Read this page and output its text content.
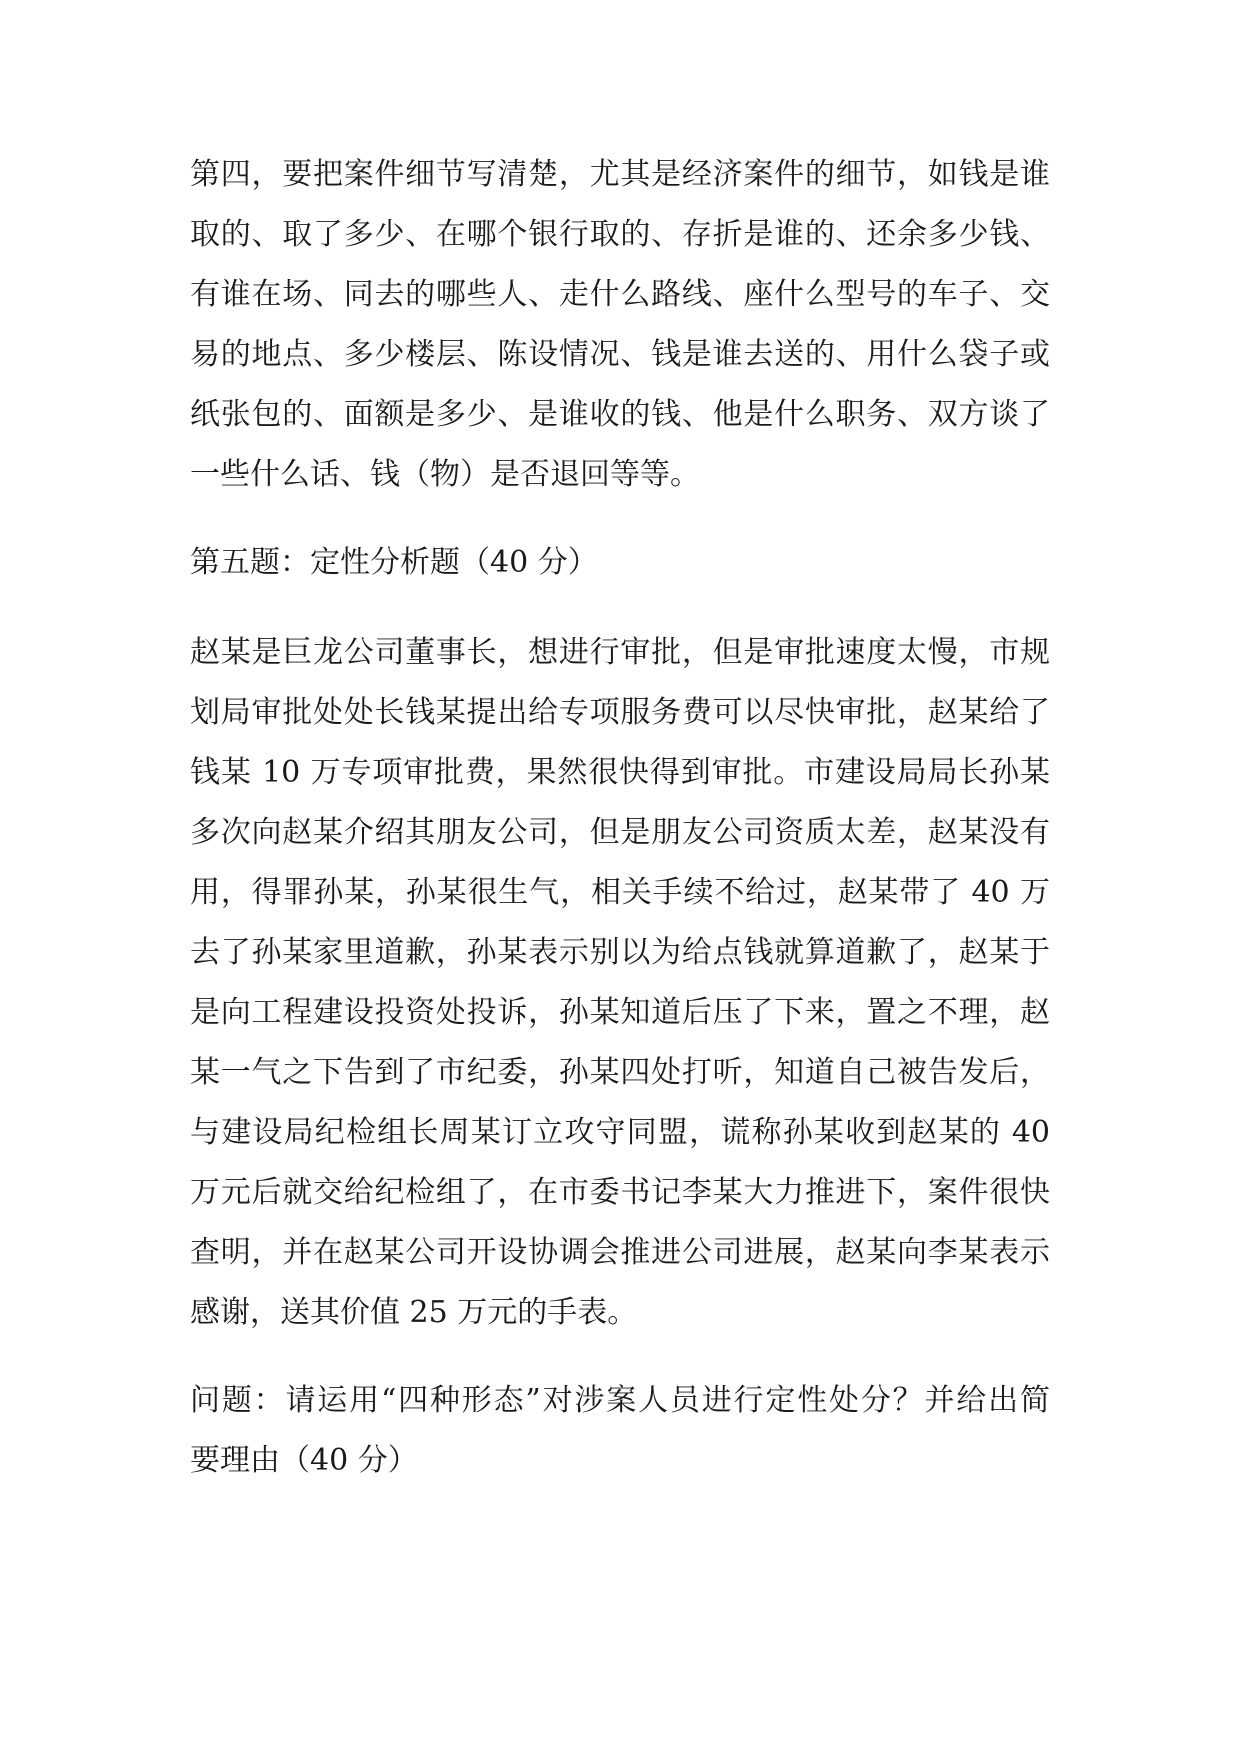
第四，要把案件细节写清楚，尤其是经济案件的细节，如钱是谁
取的、取了多少、在哪个银行取的、存折是谁的、还余多少钱、
有谁在场、同去的哪些人、走什么路线、座什么型号的车子、交
易的地点、多少楼层、陈设情况、钱是谁去送的、用什么袋子或
纸张包的、面额是多少、是谁收的钱、他是什么职务、双方谈了
一些什么话、钱（物）是否退回等等。
第五题：定性分析题（40 分）
赵某是巨龙公司董事长，想进行审批，但是审批速度太慢，市规
划局审批处处长钱某提出给专项服务费可以尽快审批，赵某给了
钱某 10 万专项审批费，果然很快得到审批。市建设局局长孙某
多次向赵某介绍其朋友公司，但是朋友公司资质太差，赵某没有
用，得罪孙某，孙某很生气，相关手续不给过，赵某带了 40 万
去了孙某家里道歉，孙某表示别以为给点钱就算道歉了，赵某于
是向工程建设投资处投诉，孙某知道后压了下来，置之不理，赵
某一气之下告到了市纪委，孙某四处打听，知道自己被告发后，
与建设局纪检组长周某订立攻守同盟，谎称孙某收到赵某的 40
万元后就交给纪检组了，在市委书记李某大力推进下，案件很快
查明，并在赵某公司开设协调会推进公司进展，赵某向李某表示
感谢，送其价值 25 万元的手表。
问题：请运用“四种形态”对涉案人员进行定性处分？并给出简
要理由（40 分）
